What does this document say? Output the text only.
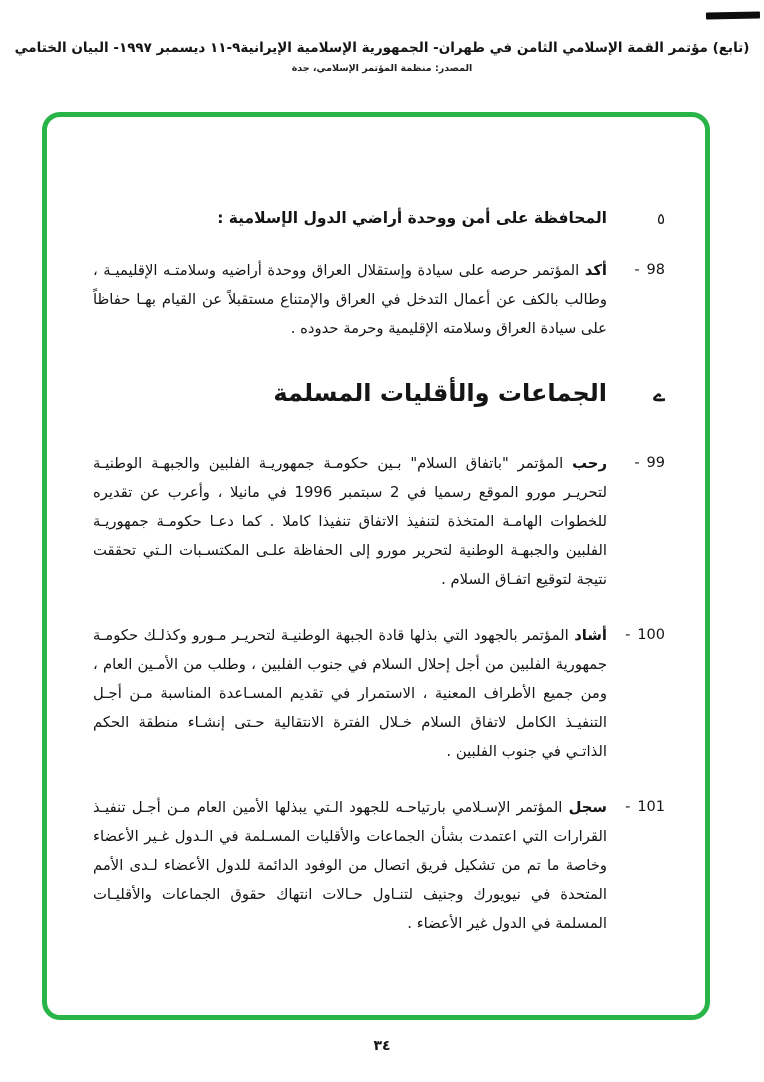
(تابع) مؤتمر القمة الإسلامي الثامن في طهران- الجمهورية الإسلامية الإيرانية٩-١١ ديسمبر ١٩٩٧- البيان الختامي
المصدر: منظمة المؤتمر الإسلامي، جدة
٥
المحافظة على أمن ووحدة أراضي الدول الإسلامية :
98
-
أكد المؤتمر حرصه على سيادة وإستقلال العراق ووحدة أراضيه وسلامتـه الإقليميـة ، وطالب بالكف عن أعمال التدخل في العراق والإمتناع مستقبلاً عن القيام بهـا حفاظاً على سيادة العراق وسلامته الإقليمية وحرمة حدوده .
ے
الجماعات والأقليات المسلمة
99
-
رحب المؤتمر "باتفاق السلام" بـين حكومـة جمهوريـة الفلبين والجبهـة الوطنيـة لتحريـر مورو الموقع رسميا في 2 سبتمبر 1996 في مانيلا ، وأعرب عن تقديره للخطوات الهامـة المتخذة لتنفيذ الاتفاق تنفيذا كاملا . كما دعـا حكومـة جمهوريـة الفلبين والجبهـة الوطنية لتحرير مورو إلى الحفاظة علـى المكتسـبات الـتي تحققت نتيجة لتوقيع اتفـاق السلام .
100
-
أشاد المؤتمر بالجهود التي بذلها قادة الجبهة الوطنيـة لتحريـر مـورو وكذلـك حكومـة جمهورية الفلبين من أجل إحلال السلام في جنوب الفلبين ، وطلب من الأمـين العام ، ومن جميع الأطراف المعنية ، الاستمرار في تقديم المسـاعدة المناسبة مـن أجـل التنفيـذ الكامل لاتفاق السلام خـلال الفترة الانتقالية حـتى إنشـاء منطقة الحكم الذاتـي في جنوب الفلبين .
101
-
سجل المؤتمر الإسـلامي بارتياحـه للجهود الـتي يبذلها الأمين العام مـن أجـل تنفيـذ القرارات التي اعتمدت بشأن الجماعات والأقليات المسـلمة في الـدول غـير الأعضاء وخاصة ما تم من تشكيل فريق اتصال من الوفود الدائمة للدول الأعضاء لـدى الأمم المتحدة في نيويورك وجنيف لتنـاول حـالات انتهاك حقوق الجماعات والأقليـات المسلمة في الدول غير الأعضاء .
٣٤
